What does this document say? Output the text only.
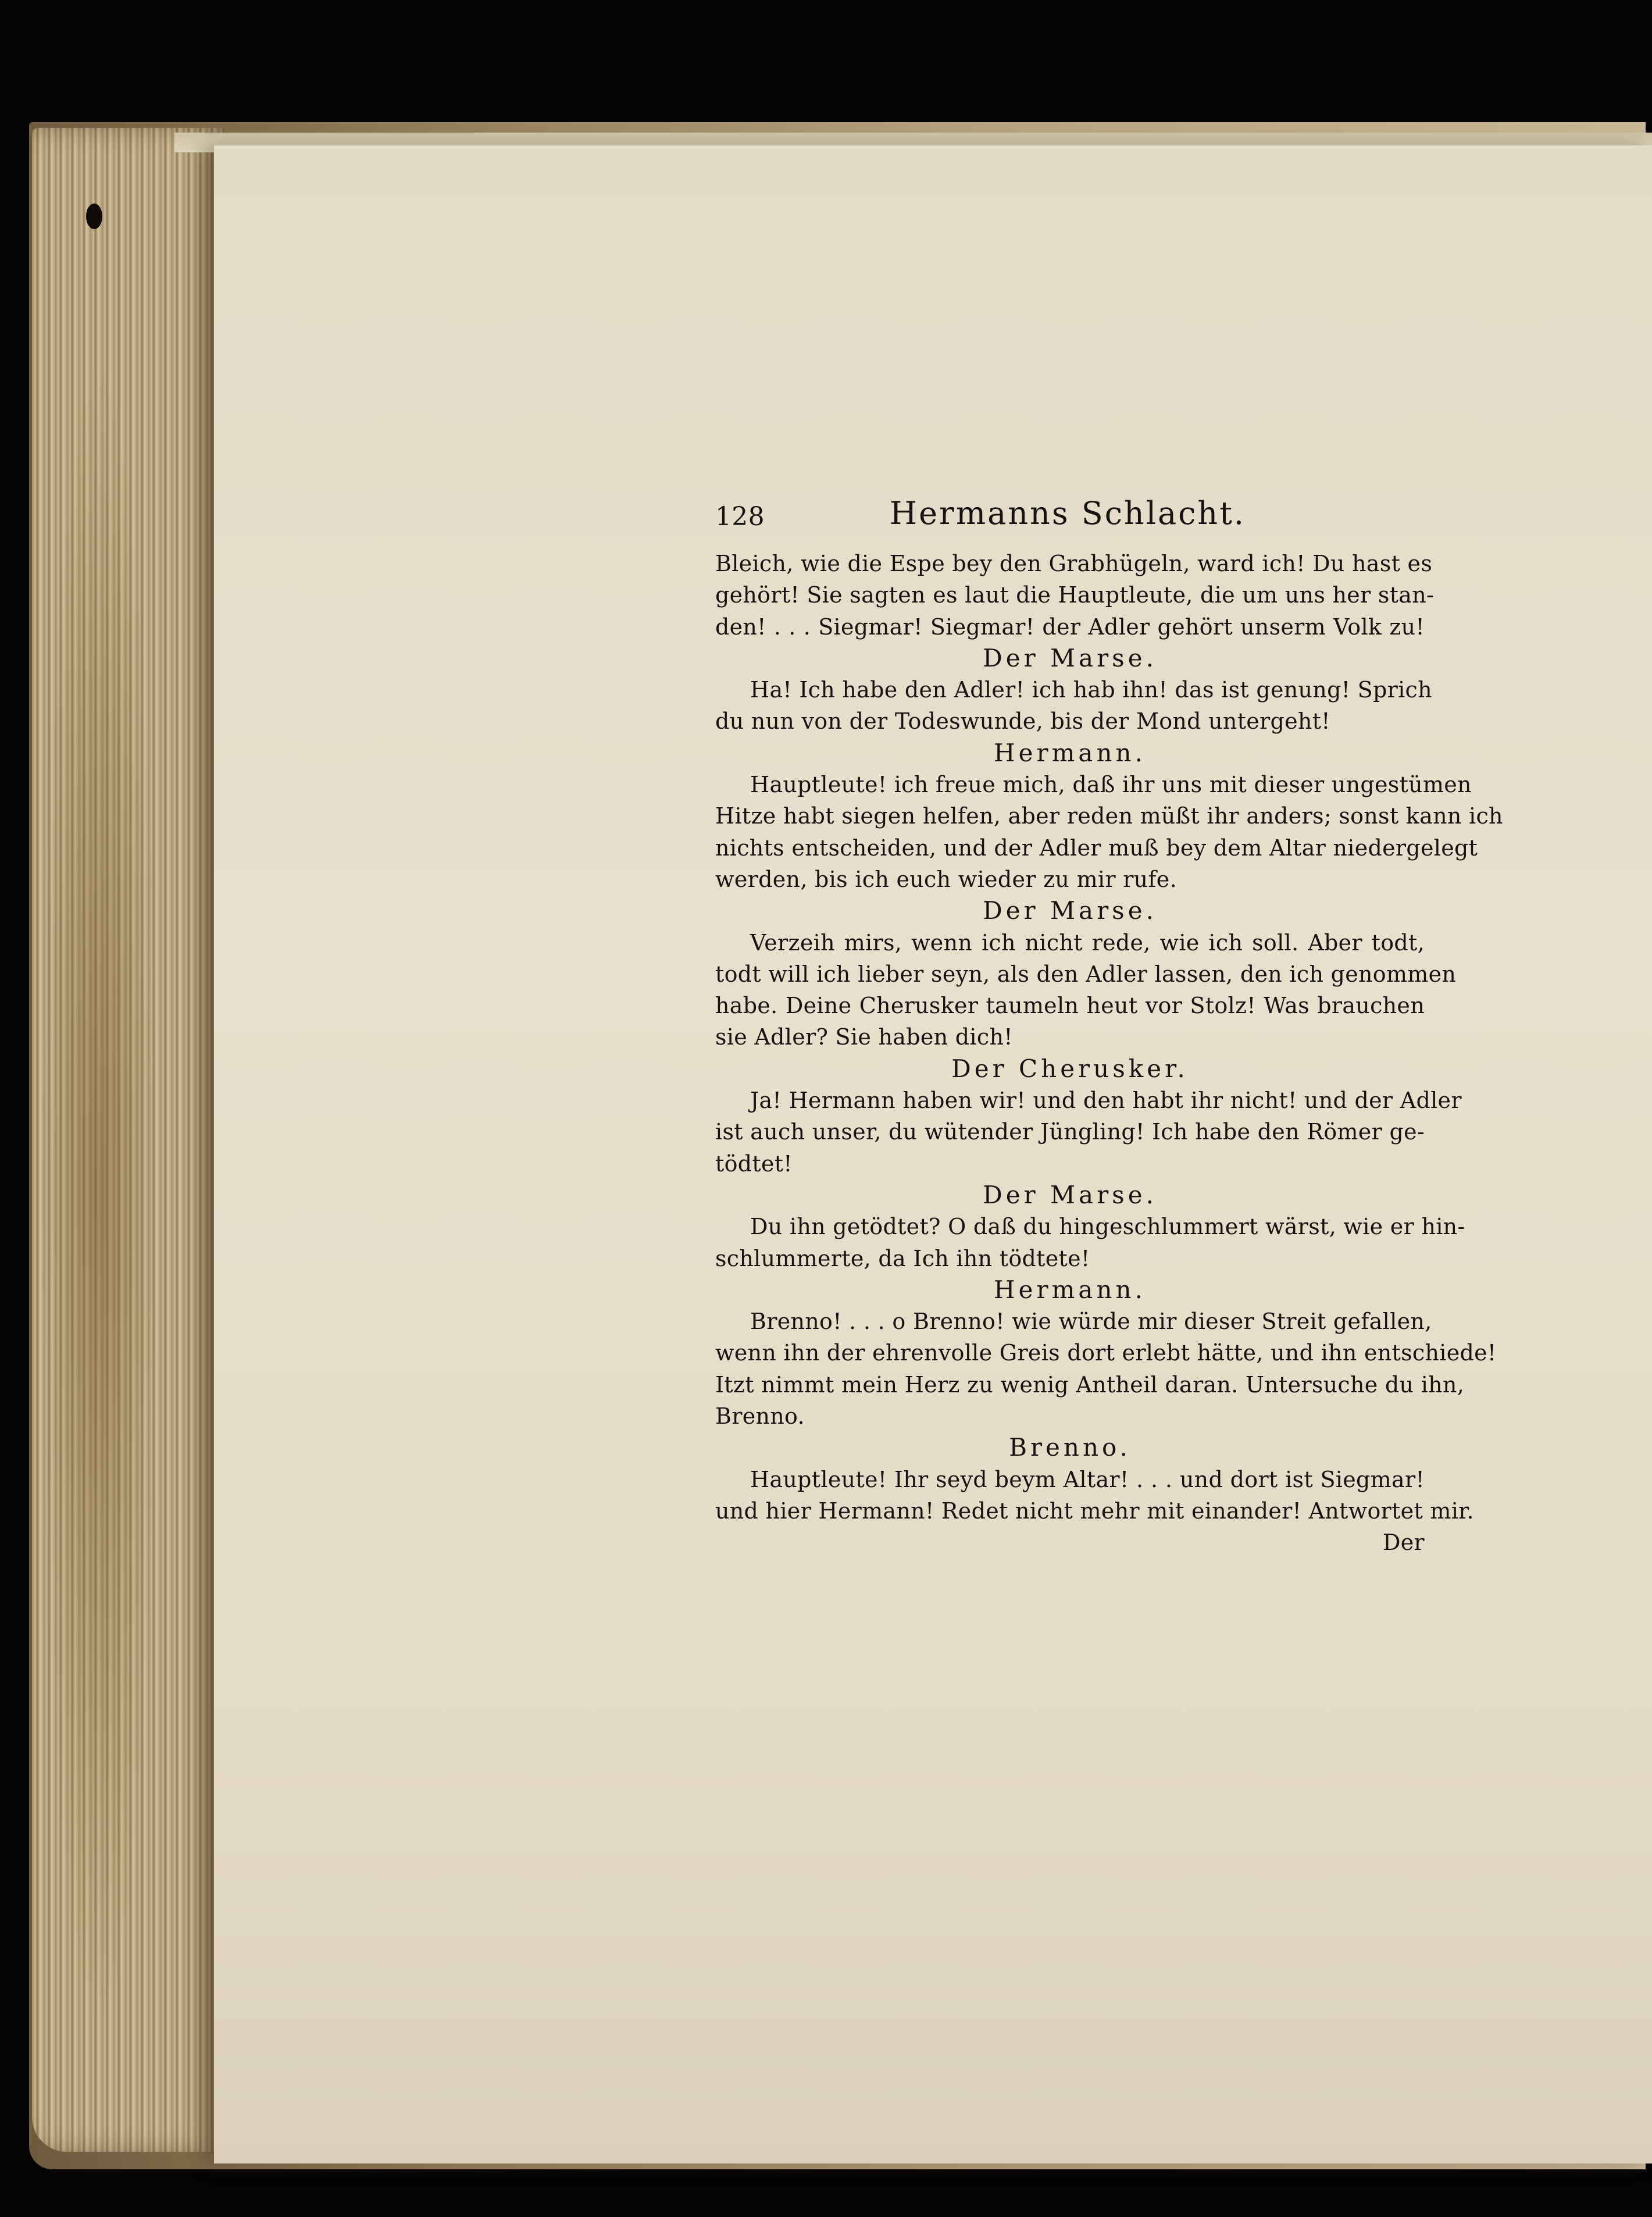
128	Hermanns Schlacht.
Bleich, wie die Espe bey den Grabhügeln, ward ich! Du hast es
gehört! Sie sagten es laut die Hauptleute, die um uns her stan-
den! . . . Siegmar! Siegmar! der Adler gehört unserm Volk zu!
Der Marse.
Ha! Ich habe den Adler! ich hab ihn! das ist genung! Sprich
du nun von der Todeswunde, bis der Mond untergeht!
Hermann.
Hauptleute! ich freue mich, daß ihr uns mit dieser ungestümen
Hitze habt siegen helfen, aber reden müßt ihr anders; sonst kann ich
nichts entscheiden, und der Adler muß bey dem Altar niedergelegt
werden, bis ich euch wieder zu mir rufe.
Der Marse.
Verzeih mirs, wenn ich nicht rede, wie ich soll. Aber todt,
todt will ich lieber seyn, als den Adler lassen, den ich genommen
habe. Deine Cherusker taumeln heut vor Stolz! Was brauchen
sie Adler? Sie haben dich!
Der Cherusker.
Ja! Hermann haben wir! und den habt ihr nicht! und der Adler
ist auch unser, du wütender Jüngling! Ich habe den Römer ge-
tödtet!
Der Marse.
Du ihn getödtet? O daß du hingeschlummert wärst, wie er hin-
schlummerte, da Ich ihn tödtete!
Hermann.
Brenno! . . . o Brenno! wie würde mir dieser Streit gefallen,
wenn ihn der ehrenvolle Greis dort erlebt hätte, und ihn entschiede!
Itzt nimmt mein Herz zu wenig Antheil daran. Untersuche du ihn,
Brenno.
Brenno.
Hauptleute! Ihr seyd beym Altar! . . . und dort ist Siegmar!
und hier Hermann! Redet nicht mehr mit einander! Antwortet mir.
Der
